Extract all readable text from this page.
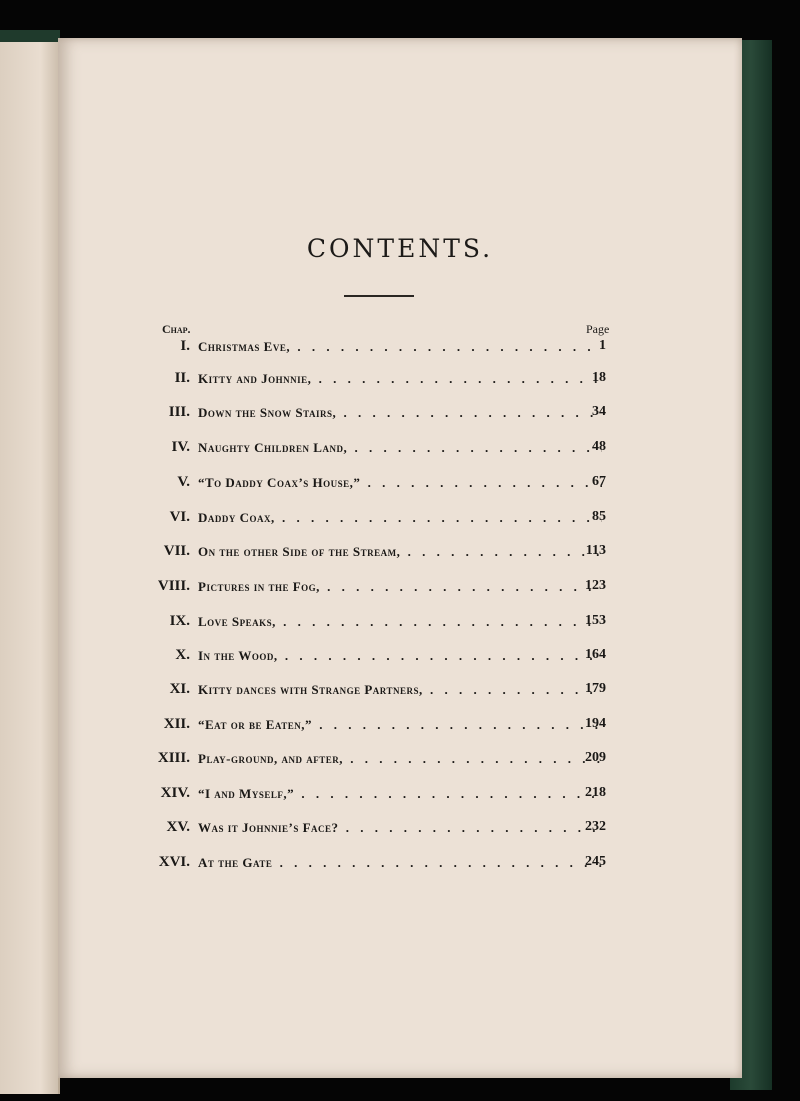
CONTENTS.
Chap.	Page
I. Christmas Eve, . . .	1
II. Kitty and Johnnie, . . .	18
III. Down the Snow Stairs, . . .	34
IV. Naughty Children Land, . . .	48
V. “To Daddy Coax’s House,” . . .	67
VI. Daddy Coax, . . .	85
VII. On the other Side of the Stream, . . .	113
VIII. Pictures in the Fog, . . .	123
IX. Love Speaks, . . .	153
X. In the Wood, . . .	164
XI. Kitty dances with Strange Partners, . . .	179
XII. “Eat or be Eaten,” . . .	194
XIII. Play-ground, and after, . . .	209
XIV. “I and Myself,” . . .	218
XV. Was it Johnnie’s Face? . . .	232
XVI. At the Gate . . .	245
